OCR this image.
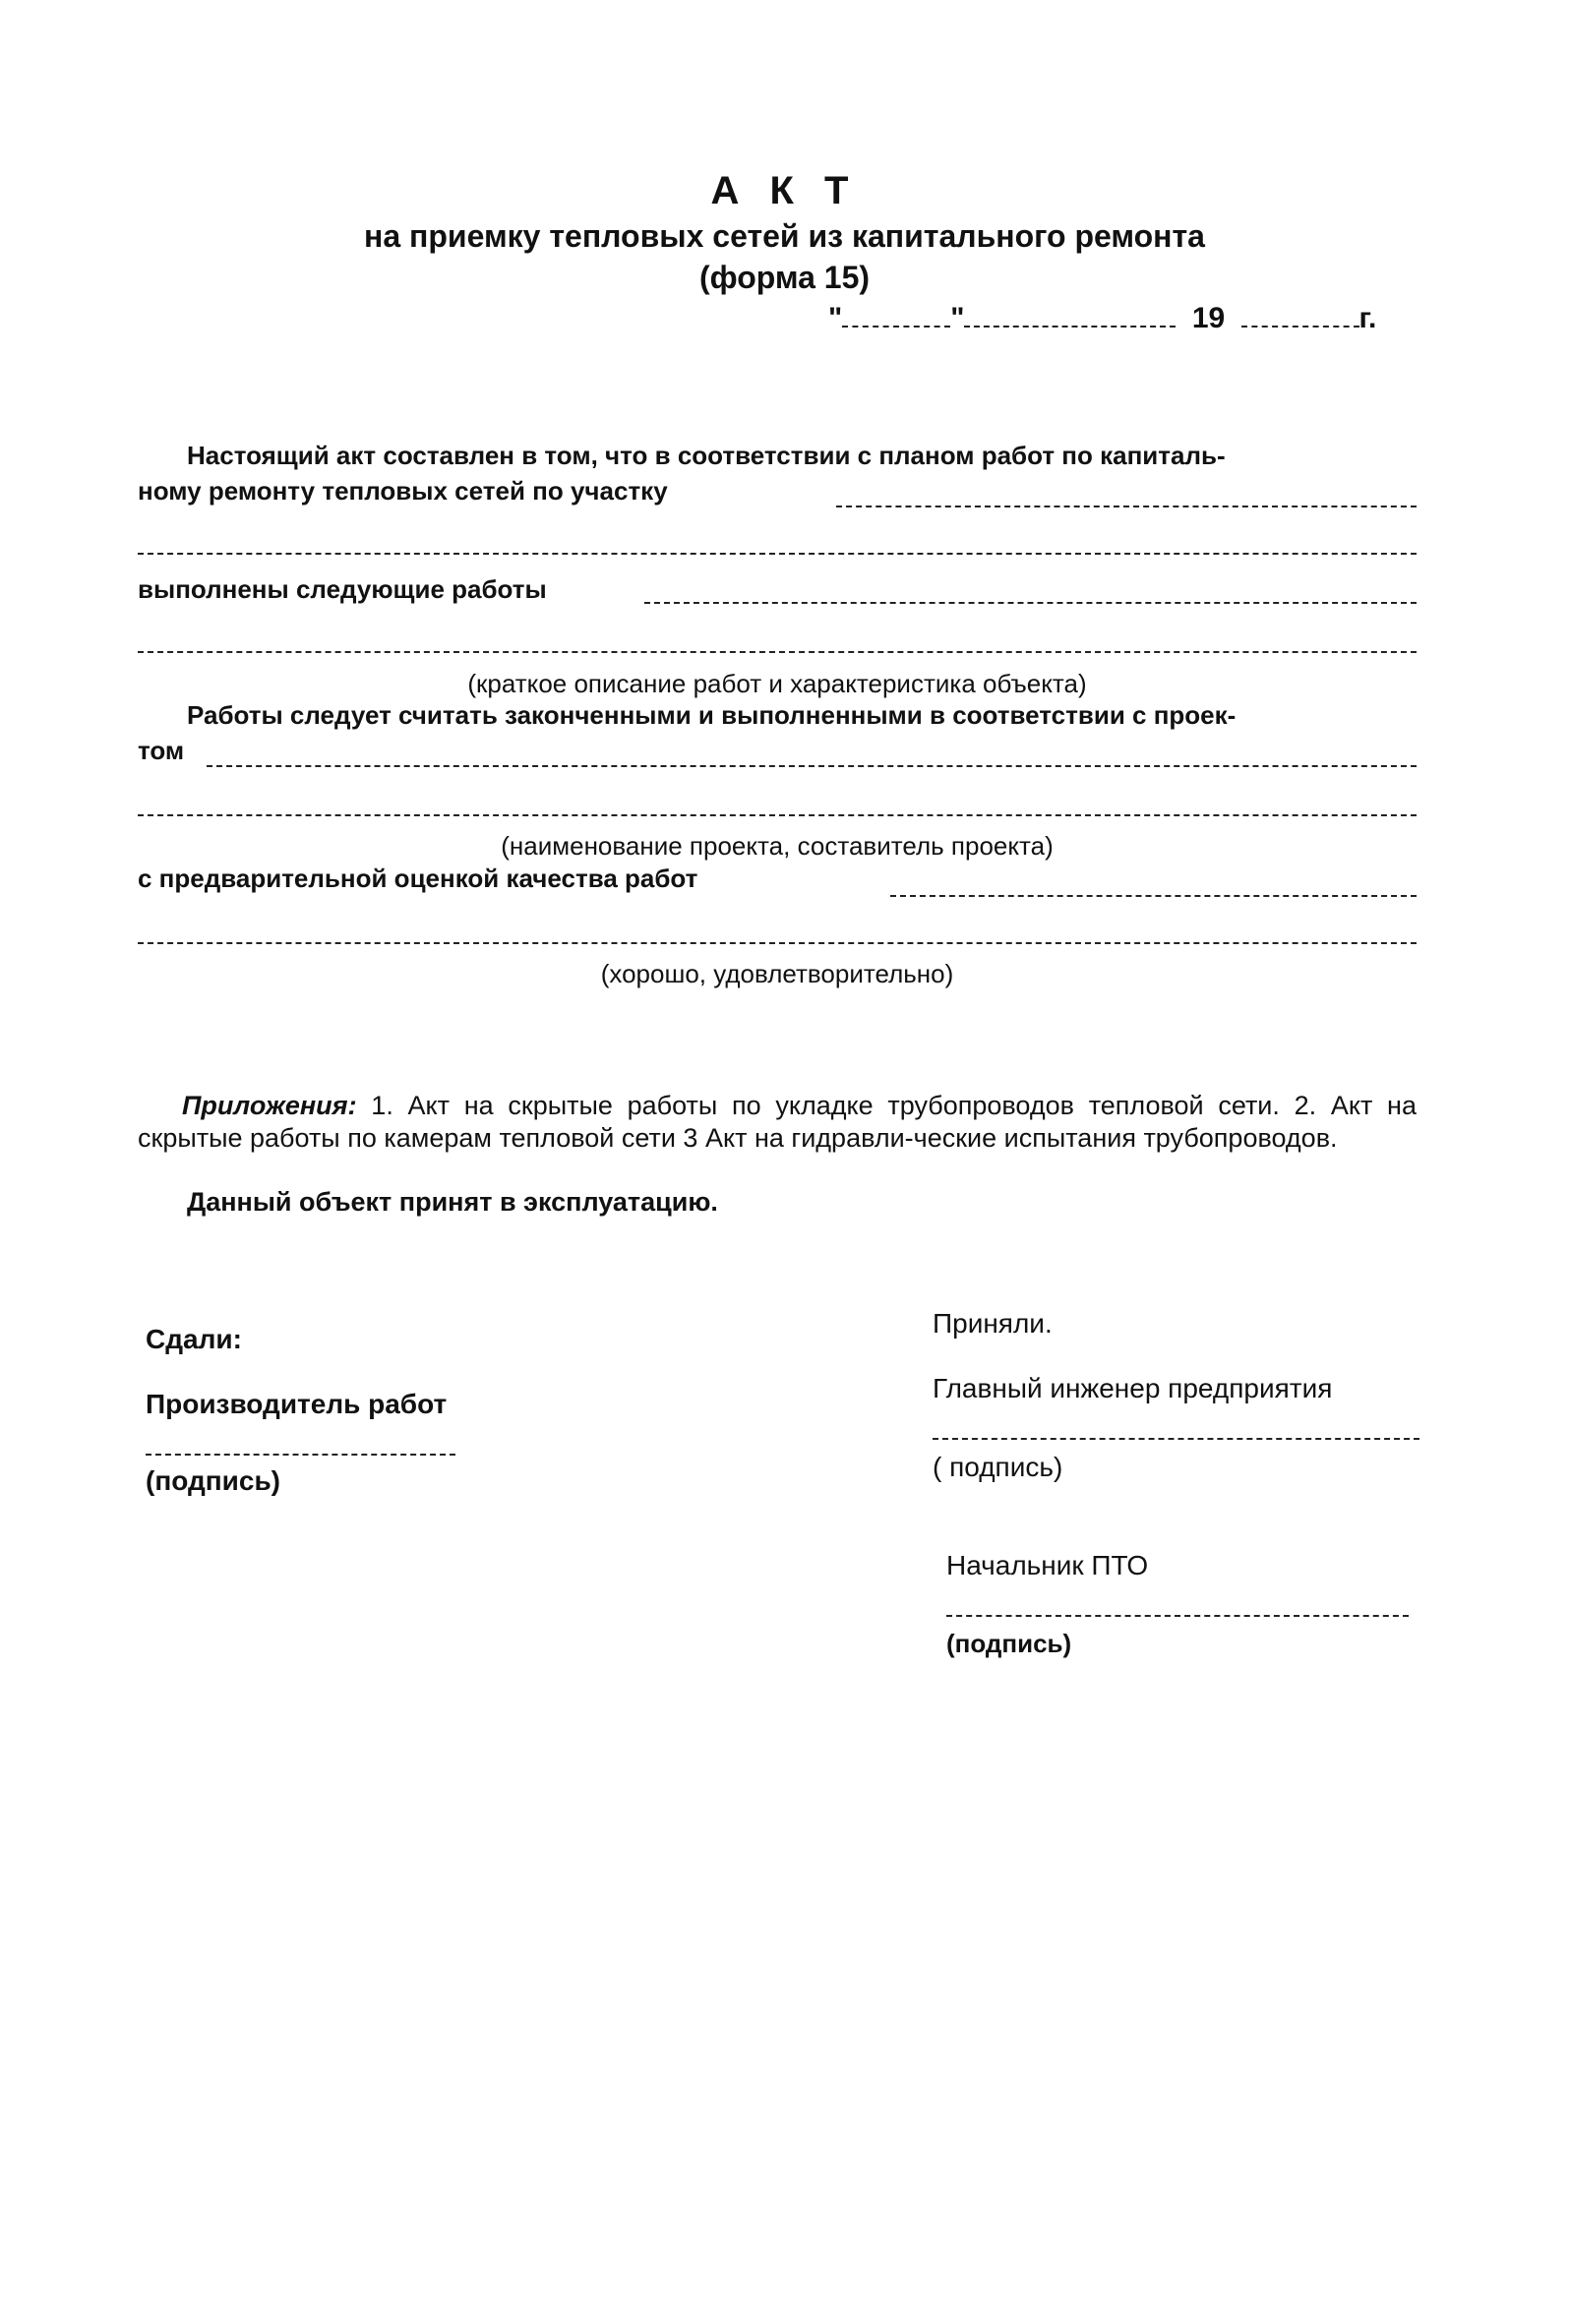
А К Т
на приемку тепловых сетей из капитального ремонта
(форма 15)
"	"	19	г.
Настоящий акт составлен в том, что в соответствии с планом работ по капиталь-
ному ремонту тепловых сетей по участку
выполнены следующие работы
(краткое описание работ и характеристика объекта)
Работы следует считать законченными и выполненными в соответствии с проек-
том
(наименование проекта, составитель проекта)
с предварительной оценкой качества работ
(хорошо, удовлетворительно)
Приложения: 1. Акт на скрытые работы по укладке трубопроводов тепловой сети. 2. Акт на скрытые работы по камерам тепловой сети 3 Акт на гидравли-ческие испытания трубопроводов.
Данный объект принят в эксплуатацию.
Сдали:
Производитель работ
(подпись)
Приняли.
Главный инженер предприятия
( подпись)
Начальник ПТО
(подпись)
